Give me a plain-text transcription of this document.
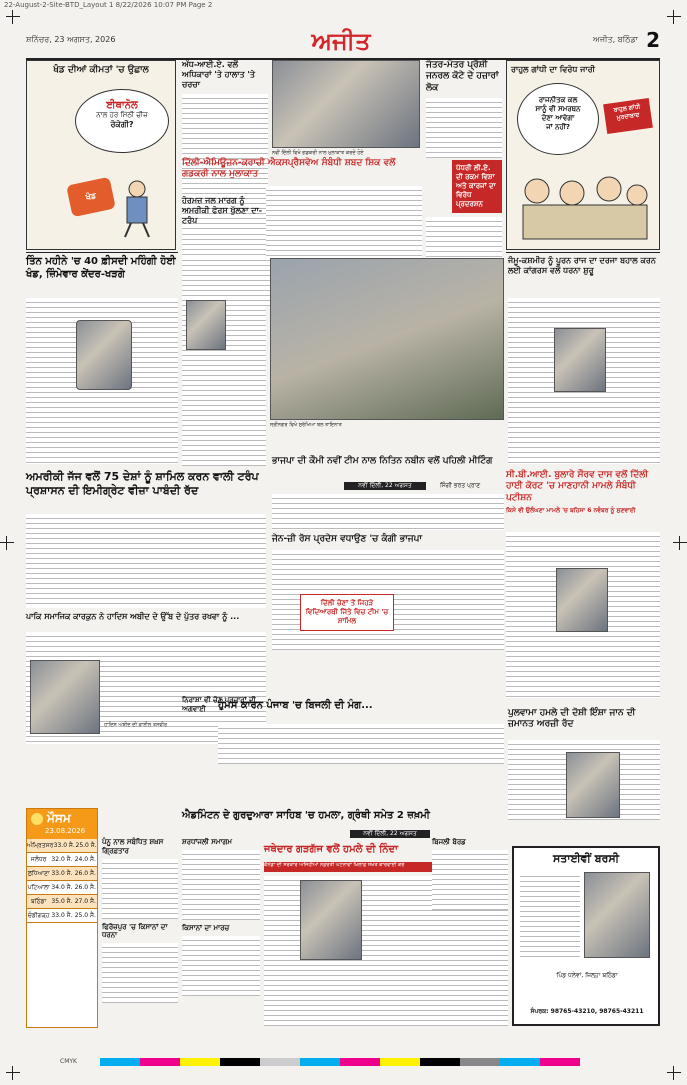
22-August-2-Site-BTD_Layout 1 8/22/2026 10:07 PM Page 2
ਸ਼ਨਿੱਚਰ, 23 ਅਗਸਤ, 2026	ਅਜੀਤ	ਅਜੀਤ, ਬਠਿੰਡਾ 2
ਖੰਡ ਦੀਆਂ ਕੀਮਤਾਂ 'ਚ ਉਛਾਲ
ਈਥਾਨੋਲ
ਨਾਲ ਹਰ ਮਿੱਠੀ ਚੀਜ਼
ਰੋਕੇਗੀ?
ਖੰਡ
ਅੱਧ-ਆਈ.ਏ. ਵਲੋਂ ਅਧਿਕਾਰਾਂ 'ਤੇ ਹਾਲਾਤ 'ਤੇ ਚਰਚਾ
ਨਵੀਂ ਦਿੱਲੀ ਵਿਖੇ ਗਡਕਰੀ ਨਾਲ ਮੁਲਾਕਾਤ ਕਰਦੇ ਹੋਏ
ਜੰਤਰ-ਮੰਤਰ ਪ੍ਰੋਸ਼ੀ ਜਨਰਲ ਕੋਟੇ ਦੇ ਹਜ਼ਾਰਾਂ ਲੋਕ
ਪੱਧਰੀ ਲੀ.ਏ. ਦੀ ਰਕਮ ਵਿਸ਼ਾ ਅਤੇ ਕਾਰਜਾਂ ਦਾ ਵਿਰੋਧ ਪ੍ਰਦਰਸ਼ਨ
ਰਾਹੁਲ ਗਾਂਧੀ ਦਾ ਵਿਰੋਧ ਜਾਰੀ
ਰਾਜਨੀਤਕ ਕਲ
ਸਾਨੂੰ ਵੀ ਸਮਰਥਨ
ਦੇਣਾ ਆਵੇਗਾ
ਜਾਂ ਨਹੀਂ?
ਰਾਹੁਲ ਗਾਂਧੀ ਮੁਰਦਾਬਾਦ
ਦਿੱਲੀ-ਐਮਿਊਜ਼ਨ-ਕਰਾਚੀ ਐਕਸਪ੍ਰੈਸਵੇਅ ਸੰਬੰਧੀ ਸ਼ਬਦ ਸ਼ਿਕ ਵਲੋਂ ਗਡਕਰੀ ਨਾਲ ਮੁਲਾਕਾਤ
ਹੋਰਮਜ਼ ਜਲ ਮਾਰਗ ਨੂੰ ਅਮਰੀਕੀ ਫੋਰਸ ਖੁੱਲਣਾ ਦਾ- ਟਰੰਪ
ਤਿੰਨ ਮਹੀਨੇ 'ਚ 40 ਫ਼ੀਸਦੀ ਮਹਿੰਗੀ ਹੋਈ ਖੰਡ, ਜ਼ਿੰਮੇਵਾਰ ਕੇਂਦਰ-ਖੜਗੇ
ਸ੍ਰੀਨਗਰ ਵਿਖੇ ਸੁਰੱਖਿਆ ਬਲ ਤਾਇਨਾਤ
ਜੰਮੂ-ਕਸ਼ਮੀਰ ਨੂੰ ਪੂਰਨ ਰਾਜ ਦਾ ਦਰਜਾ ਬਹਾਲ ਕਰਨ ਲਈ ਕਾਂਗਰਸ ਵਲੋਂ ਧਰਨਾ ਸ਼ੁਰੂ
ਭਾਜਪਾ ਦੀ ਕੌਮੀ ਨਵੀਂ ਟੀਮ ਨਾਲ ਨਿਤਿਨ ਨਬੀਨ ਵਲੋਂ ਪਹਿਲੀ ਮੀਟਿੰਗ
ਅਮਰੀਕੀ ਜੱਜ ਵਲੋਂ 75 ਦੇਸ਼ਾਂ ਨੂੰ ਸ਼ਾਮਿਲ ਕਰਨ ਵਾਲੀ ਟਰੰਪ ਪ੍ਰਸ਼ਾਸਨ ਦੀ ਇਮੀਗ੍ਰੇਟ ਵੀਜ਼ਾ ਪਾਬੰਦੀ ਰੱਦ
ਸੀ.ਬੀ.ਆਈ. ਬੁਲਾਰੇ ਸੌਰਵ ਦਾਸ ਵਲੋਂ ਦਿੱਲੀ ਹਾਈ ਕੋਰਟ 'ਚ ਮਾਣਹਾਨੀ ਮਾਮਲੇ ਸੰਬੰਧੀ ਪਟੀਸ਼ਨ
ਕਿਸੇ ਵੀ ਉਲੰਘਣਾ ਮਾਮਲੇ 'ਚ ਬਹਿਸਾ 6 ਨਵੰਬਰ ਨੂੰ ਸੁਣਵਾਈ
ਨਵੀਂ ਦਿੱਲੀ, 22 ਅਗਸਤ	ਸਿੰਗੀ ਭਰਤ ਪ੍ਰਾਣ
ਜੇਨ-ਜ਼ੀ ਰੋਸ ਪ੍ਰਦੇਸ ਵਧਾਉਣ 'ਚ ਕੰਗੀ ਭਾਜਪਾ
ਦਿੱਲੀ ਚੋਣਾਂ ਤੋਂ ਜਿਹੜੇ ਵਿਦਿਆਰਥੀ ਜਿੱਤੇ ਵਿਚ ਟੀਮ 'ਚ ਸ਼ਾਮਿਲ
ਪਾਕਿ ਸਮਾਜਿਕ ਕਾਰਕੁਨ ਨੇ ਹਾਦਿਸ ਅਬੀਦ ਦੇ ਉੱਬ ਦੇ ਪੁੱਤਰ ਰਖਵਾ ਨੂੰ ...
ਹਾਦਿਸ ਅਬੀਦ ਦੀ ਫ਼ਾਈਲ ਤਸਵੀਰ
ਨਿਰਾਸ਼ਾ ਵੀ ਚੋਣ ਪ੍ਰਚਾਰਾਂ ਦੀ ਅਗਵਾਈ	ਹੁੰਮਸ ਕਾਰਨ ਪੰਜਾਬ 'ਚ ਬਿਜਲੀ ਦੀ ਮੰਗ...
ਪੁਲਵਾਮਾ ਹਮਲੇ ਦੀ ਦੋਸ਼ੀ ਇੰਸ਼ਾ ਜਾਨ ਦੀ ਜ਼ਮਾਨਤ ਅਰਜ਼ੀ ਰੱਦ
ਮੌਸਮ
23.08.2026
ਅੰਮ੍ਰਿਤਸਰ 33.0 ਸੈ. 25.0 ਸੈ.
ਜਲੰਧਰ 32.0 ਸੈ. 24.0 ਸੈ.
ਲੁਧਿਆਣਾ 33.0 ਸੈ. 26.0 ਸੈ.
ਪਟਿਆਲਾ 34.0 ਸੈ. 26.0 ਸੈ.
ਬਠਿੰਡਾ 35.0 ਸੈ. 27.0 ਸੈ.
ਚੰਡੀਗੜ੍ਹ 33.0 ਸੈ. 25.0 ਸੈ.
ਐਡਮਿੰਟਨ ਦੇ ਗੁਰਦੁਆਰਾ ਸਾਹਿਬ 'ਚ ਹਮਲਾ, ਗ੍ਰੰਥੀ ਸਮੇਤ 2 ਜ਼ਖ਼ਮੀ
ਨਵੀਂ ਦਿੱਲੀ, 22 ਅਗਸਤ
ਜਥੇਦਾਰ ਗੜਗੱਜ ਵਲੋਂ ਹਮਲੇ ਦੀ ਨਿੰਦਾ
ਕੈਨੇਡਾ ਦੀ ਸਰਕਾਰ ਅਜਿਹੀਆਂ ਨਫ਼ਰਤੀ ਘਟਨਾਵਾਂ ਖ਼ਿਲਾਫ਼ ਸਖ਼ਤ ਕਾਰਵਾਈ ਕਰੇ
ਪੰਨੂ ਨਾਲ ਸਬੰਧਿਤ ਸ਼ਖ਼ਸ ਗ੍ਰਿਫ਼ਤਾਰ
ਫਿਰੋਜ਼ਪੁਰ 'ਚ ਕਿਸਾਨਾਂ ਦਾ ਧਰਨਾ
ਸ਼ਰਧਾਂਜਲੀ ਸਮਾਗਮ
ਕਿਸਾਨਾਂ ਦਾ ਮਾਰਚ
ਬਿਜਲੀ ਬੋਰਡ
ਸਤਾਈਵੀਂ ਬਰਸੀ
ਪਿੰਡ ਧਲੇਵਾਂ, ਜ਼ਿਲ੍ਹਾ ਬਠਿੰਡਾ
ਸੰਪਰਕ: 98765-43210, 98765-43211
CMYK
